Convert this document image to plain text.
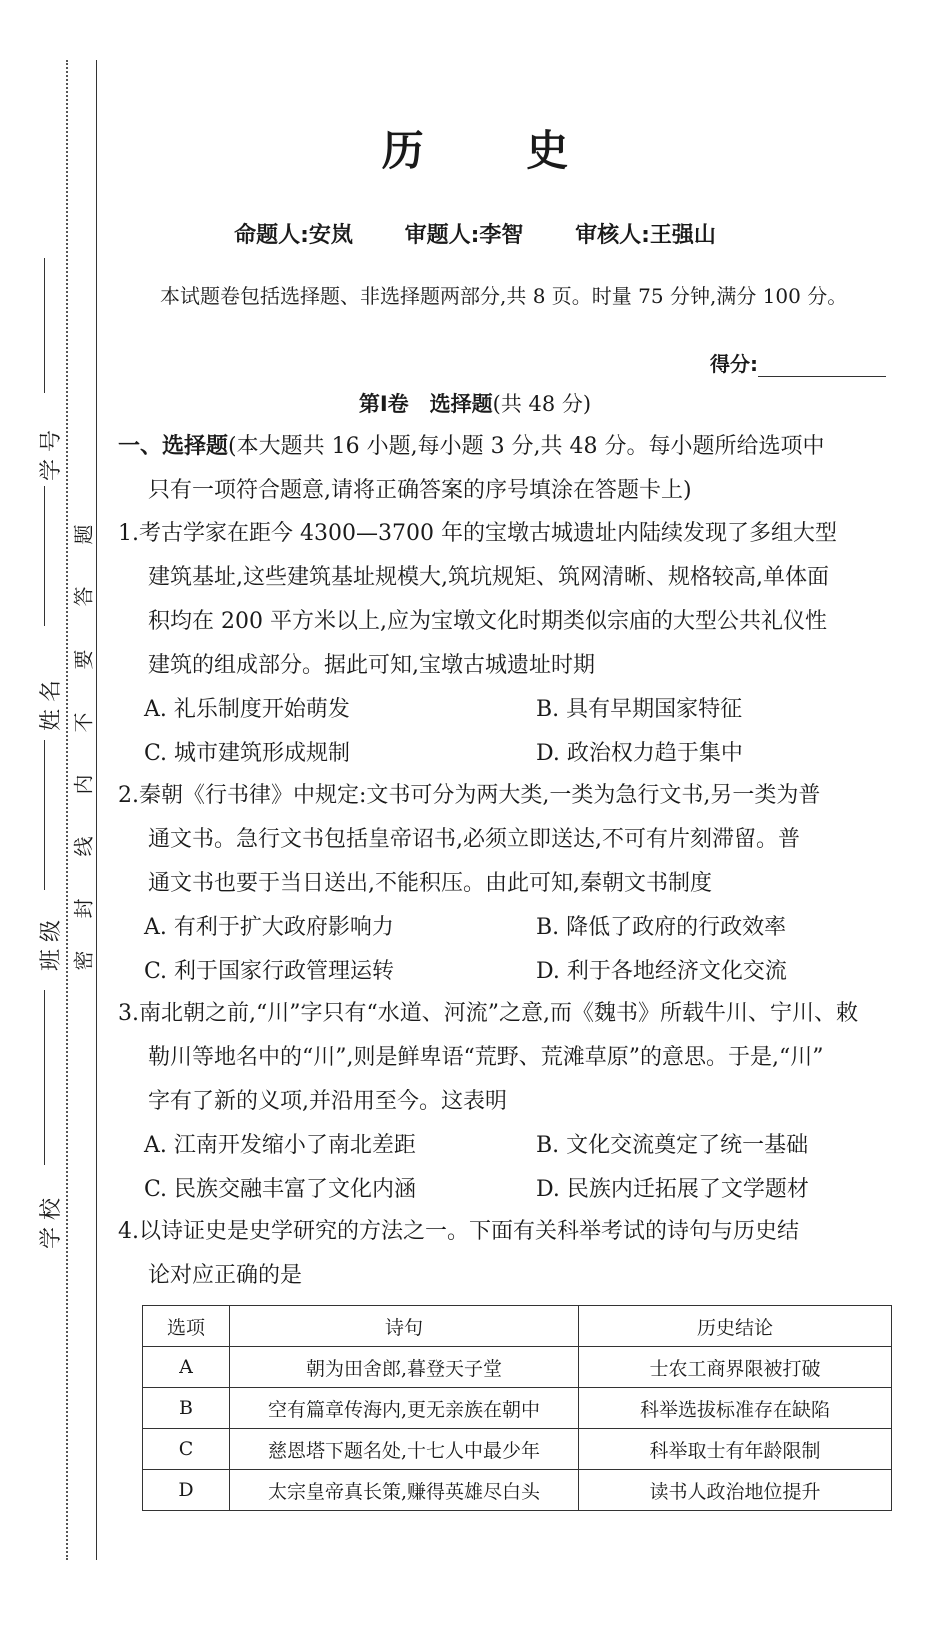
学 号
姓 名
班 级
学 校
题
答
要
不
内
线
封
密
历 史
命题人:安岚 审题人:李智 审核人:王强山
本试题卷包括选择题、非选择题两部分,共 8 页。时量 75 分钟,满分 100 分。
得分:
第Ⅰ卷　选择题(共 48 分)
一、选择题(本大题共 16 小题,每小题 3 分,共 48 分。每小题所给选项中
只有一项符合题意,请将正确答案的序号填涂在答题卡上)
1.考古学家在距今 4300—3700 年的宝墩古城遗址内陆续发现了多组大型
建筑基址,这些建筑基址规模大,筑坑规矩、筑网清晰、规格较高,单体面
积均在 200 平方米以上,应为宝墩文化时期类似宗庙的大型公共礼仪性
建筑的组成部分。据此可知,宝墩古城遗址时期
A. 礼乐制度开始萌发	B. 具有早期国家特征
C. 城市建筑形成规制	D. 政治权力趋于集中
2.秦朝《行书律》中规定:文书可分为两大类,一类为急行文书,另一类为普
通文书。急行文书包括皇帝诏书,必须立即送达,不可有片刻滞留。普
通文书也要于当日送出,不能积压。由此可知,秦朝文书制度
A. 有利于扩大政府影响力	B. 降低了政府的行政效率
C. 利于国家行政管理运转	D. 利于各地经济文化交流
3.南北朝之前,“川”字只有“水道、河流”之意,而《魏书》所载牛川、宁川、敕
勒川等地名中的“川”,则是鲜卑语“荒野、荒滩草原”的意思。于是,“川”
字有了新的义项,并沿用至今。这表明
A. 江南开发缩小了南北差距	B. 文化交流奠定了统一基础
C. 民族交融丰富了文化内涵	D. 民族内迁拓展了文学题材
4.以诗证史是史学研究的方法之一。下面有关科举考试的诗句与历史结
论对应正确的是
选项	诗句	历史结论
A	朝为田舍郎,暮登天子堂	士农工商界限被打破
B	空有篇章传海内,更无亲族在朝中	科举选拔标准存在缺陷
C	慈恩塔下题名处,十七人中最少年	科举取士有年龄限制
D	太宗皇帝真长策,赚得英雄尽白头	读书人政治地位提升
